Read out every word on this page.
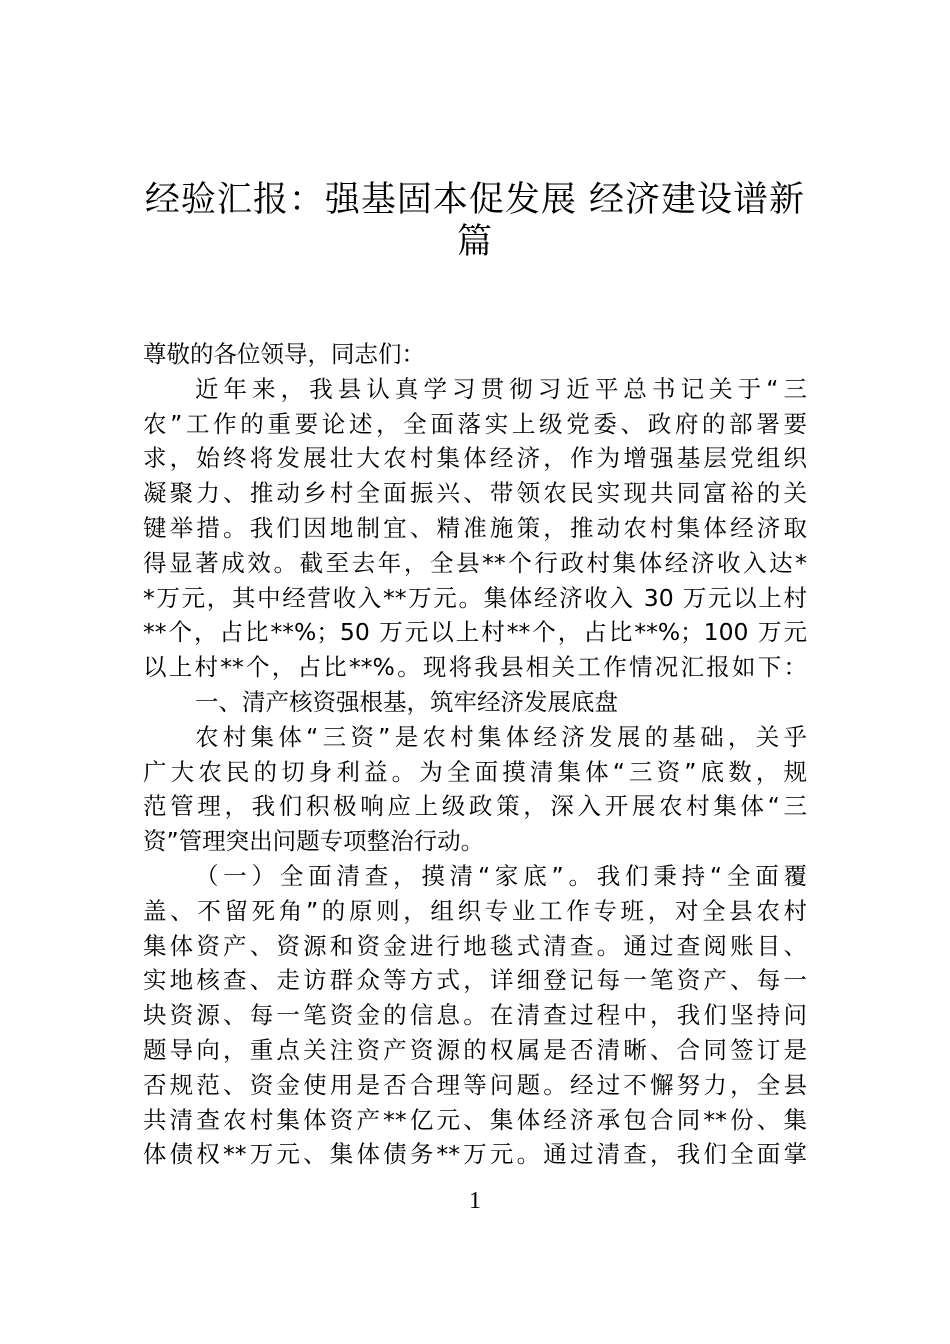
经验汇报：强基固本促发展 经济建设谱新
篇
尊敬的各位领导，同志们：
近年来，我县认真学习贯彻习近平总书记关于“三
农”工作的重要论述，全面落实上级党委、政府的部署要
求，始终将发展壮大农村集体经济，作为增强基层党组织
凝聚力、推动乡村全面振兴、带领农民实现共同富裕的关
键举措。我们因地制宜、精准施策，推动农村集体经济取
得显著成效。截至去年，全县**个行政村集体经济收入达*
*万元，其中经营收入**万元。集体经济收入 30 万元以上村
**个，占比**%；50 万元以上村**个，占比**%；100 万元
以上村**个，占比**%。现将我县相关工作情况汇报如下：
一、清产核资强根基，筑牢经济发展底盘
农村集体“三资”是农村集体经济发展的基础，关乎
广大农民的切身利益。为全面摸清集体“三资”底数，规
范管理，我们积极响应上级政策，深入开展农村集体“三
资”管理突出问题专项整治行动。
（一）全面清查，摸清“家底”。我们秉持“全面覆
盖、不留死角”的原则，组织专业工作专班，对全县农村
集体资产、资源和资金进行地毯式清查。通过查阅账目、
实地核查、走访群众等方式，详细登记每一笔资产、每一
块资源、每一笔资金的信息。在清查过程中，我们坚持问
题导向，重点关注资产资源的权属是否清晰、合同签订是
否规范、资金使用是否合理等问题。经过不懈努力，全县
共清查农村集体资产**亿元、集体经济承包合同**份、集
体债权**万元、集体债务**万元。通过清查，我们全面掌
1
